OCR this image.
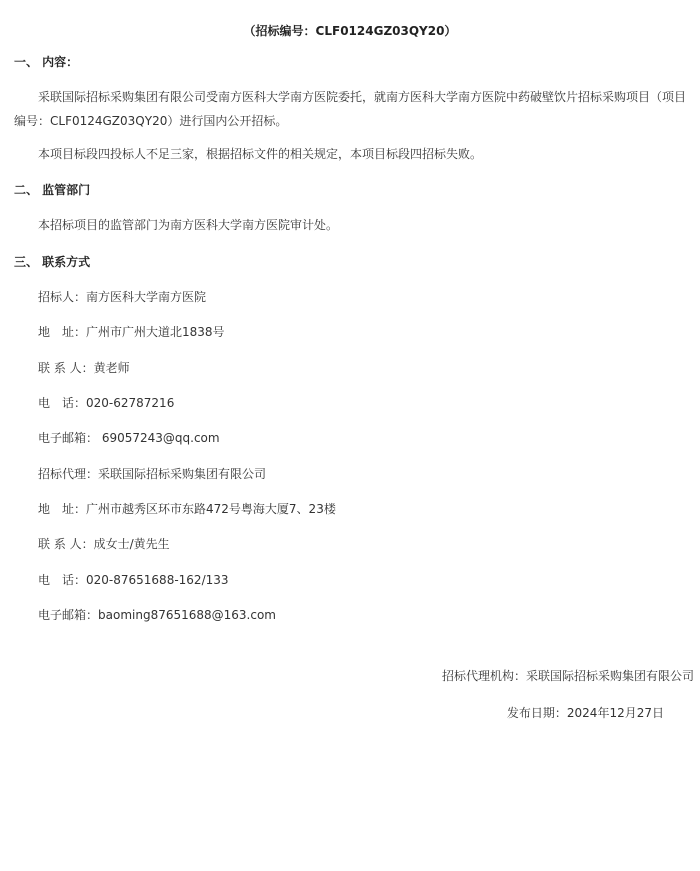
（招标编号：CLF0124GZ03QY20）
一、 内容：
采联国际招标采购集团有限公司受南方医科大学南方医院委托，就南方医科大学南方医院中药破壁饮片招标采购项目（项目编号：CLF0124GZ03QY20）进行国内公开招标。
本项目标段四投标人不足三家，根据招标文件的相关规定，本项目标段四招标失败。
二、 监管部门
本招标项目的监管部门为南方医科大学南方医院审计处。
三、 联系方式
招标人：南方医科大学南方医院
地　址：广州市广州大道北1838号
联 系 人：黄老师
电　话：020-62787216
电子邮箱： 69057243@qq.com
招标代理：采联国际招标采购集团有限公司
地　址：广州市越秀区环市东路472号粤海大厦7、23楼
联 系 人：成女士/黄先生
电　话：020-87651688-162/133
电子邮箱：baoming87651688@163.com
招标代理机构：采联国际招标采购集团有限公司
发布日期：2024年12月27日
